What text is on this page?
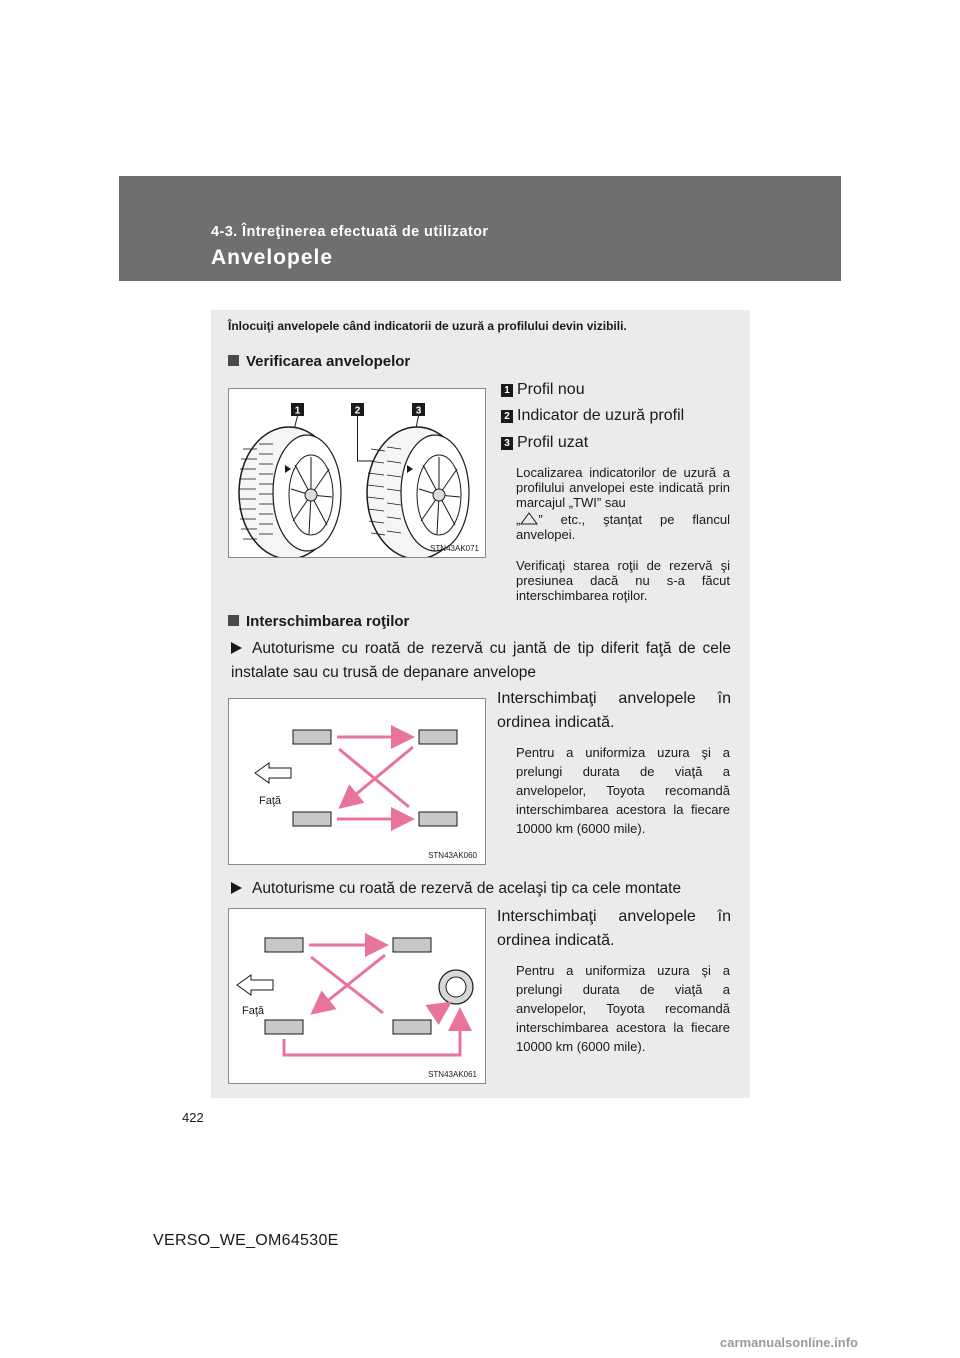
4-3. Întreţinerea efectuată de utilizator
Anvelopele
Înlocuiţi anvelopele când indicatorii de uzură a profilului devin vizibili.
Verificarea anvelopelor
1	2	3
STN43AK071
1 Profil nou
2 Indicator de uzură profil
3 Profil uzat
Localizarea indicatorilor de uzură a profilului anvelopei este indicată prin marcajul „TWI” sau
„ ” etc., ştanţat pe flancul anvelopei.
Verificaţi starea roţii de rezervă şi presiunea dacă nu s-a făcut interschimbarea roţilor.
Interschimbarea roţilor
Autoturisme cu roată de rezervă cu jantă de tip diferit faţă de cele instalate sau cu trusă de depanare anvelope
Faţă
STN43AK060
Interschimbaţi anvelopele în ordinea indicată.
Pentru a uniformiza uzura şi a prelungi durata de viaţă a anvelopelor, Toyota recomandă interschimbarea acestora la fiecare 10000 km (6000 mile).
Autoturisme cu roată de rezervă de acelaşi tip ca cele montate
Faţă
STN43AK061
Interschimbaţi anvelopele în ordinea indicată.
Pentru a uniformiza uzura şi a prelungi durata de viaţă a anvelopelor, Toyota recomandă interschimbarea acestora la fiecare 10000 km (6000 mile).
422
VERSO_WE_OM64530E
carmanualsonline.info
